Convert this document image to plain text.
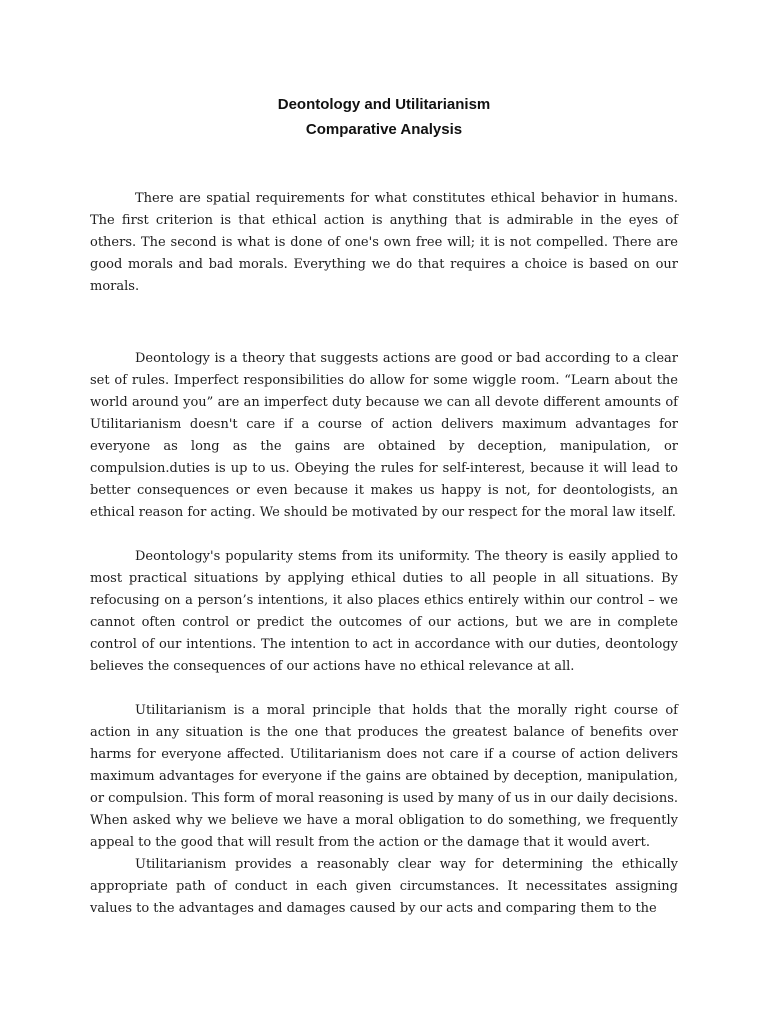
Deontology and Utilitarianism
Comparative Analysis

There are spatial requirements for what constitutes ethical behavior in humans. The first criterion is that ethical action is anything that is admirable in the eyes of others. The second is what is done of one's own free will; it is not compelled. There are good morals and bad morals. Everything we do that requires a choice is based on our morals.

Deontology is a theory that suggests actions are good or bad according to a clear set of rules. Imperfect responsibilities do allow for some wiggle room. “Learn about the world around you” are an imperfect duty because we can all devote different amounts of Utilitarianism doesn't care if a course of action delivers maximum advantages for everyone as long as the gains are obtained by deception, manipulation, or compulsion.duties is up to us. Obeying the rules for self-interest, because it will lead to better consequences or even because it makes us happy is not, for deontologists, an ethical reason for acting. We should be motivated by our respect for the moral law itself.

Deontology's popularity stems from its uniformity. The theory is easily applied to most practical situations by applying ethical duties to all people in all situations. By refocusing on a person’s intentions, it also places ethics entirely within our control – we cannot often control or predict the outcomes of our actions, but we are in complete control of our intentions. The intention to act in accordance with our duties, deontology believes the consequences of our actions have no ethical relevance at all.

Utilitarianism is a moral principle that holds that the morally right course of action in any situation is the one that produces the greatest balance of benefits over harms for everyone affected. Utilitarianism does not care if a course of action delivers maximum advantages for everyone if the gains are obtained by deception, manipulation, or compulsion. This form of moral reasoning is used by many of us in our daily decisions. When asked why we believe we have a moral obligation to do something, we frequently appeal to the good that will result from the action or the damage that it would avert.

Utilitarianism provides a reasonably clear way for determining the ethically appropriate path of conduct in each given circumstances. It necessitates assigning values to the advantages and damages caused by our acts and comparing them to the
